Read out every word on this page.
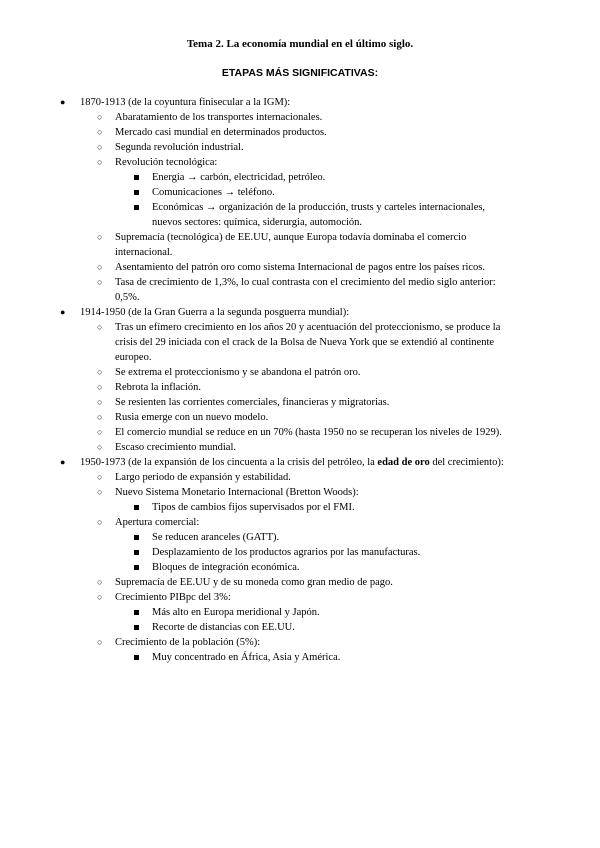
Tema 2. La economía mundial en el último siglo.
ETAPAS MÁS SIGNIFICATIVAS:
● 1870-1913 (de la coyuntura finisecular a la IGM):
○ Abaratamiento de los transportes internacionales.
○ Mercado casi mundial en determinados productos.
○ Segunda revolución industrial.
○ Revolución tecnológica:
Energía → carbón, electricidad, petróleo.
Comunicaciones → teléfono.
Económicas → organización de la producción, trusts y carteles internacionales,
nuevos sectores: química, siderurgia, automoción.
○ Supremacía (tecnológica) de EE.UU, aunque Europa todavía dominaba el comercio
internacional.
○ Asentamiento del patrón oro como sistema Internacional de pagos entre los países ricos.
○ Tasa de crecimiento de 1,3%, lo cual contrasta con el crecimiento del medio siglo anterior:
0,5%.
● 1914-1950 (de la Gran Guerra a la segunda posguerra mundial):
○ Tras un efímero crecimiento en los años 20 y acentuación del proteccionismo, se produce la
crisis del 29 iniciada con el crack de la Bolsa de Nueva York que se extendió al continente
europeo.
○ Se extrema el proteccionismo y se abandona el patrón oro.
○ Rebrota la inflación.
○ Se resienten las corrientes comerciales, financieras y migratorias.
○ Rusia emerge con un nuevo modelo.
○ El comercio mundial se reduce en un 70% (hasta 1950 no se recuperan los niveles de 1929).
○ Escaso crecimiento mundial.
● 1950-1973 (de la expansión de los cincuenta a la crisis del petróleo, la edad de oro del crecimiento):
○ Largo periodo de expansión y estabilidad.
○ Nuevo Sistema Monetario Internacional (Bretton Woods):
Tipos de cambios fijos supervisados por el FMI.
○ Apertura comercial:
Se reducen aranceles (GATT).
Desplazamiento de los productos agrarios por las manufacturas.
Bloques de integración económica.
○ Supremacía de EE.UU y de su moneda como gran medio de pago.
○ Crecimiento PIBpc del 3%:
Más alto en Europa meridional y Japón.
Recorte de distancias con EE.UU.
○ Crecimiento de la población (5%):
Muy concentrado en África, Asia y América.
